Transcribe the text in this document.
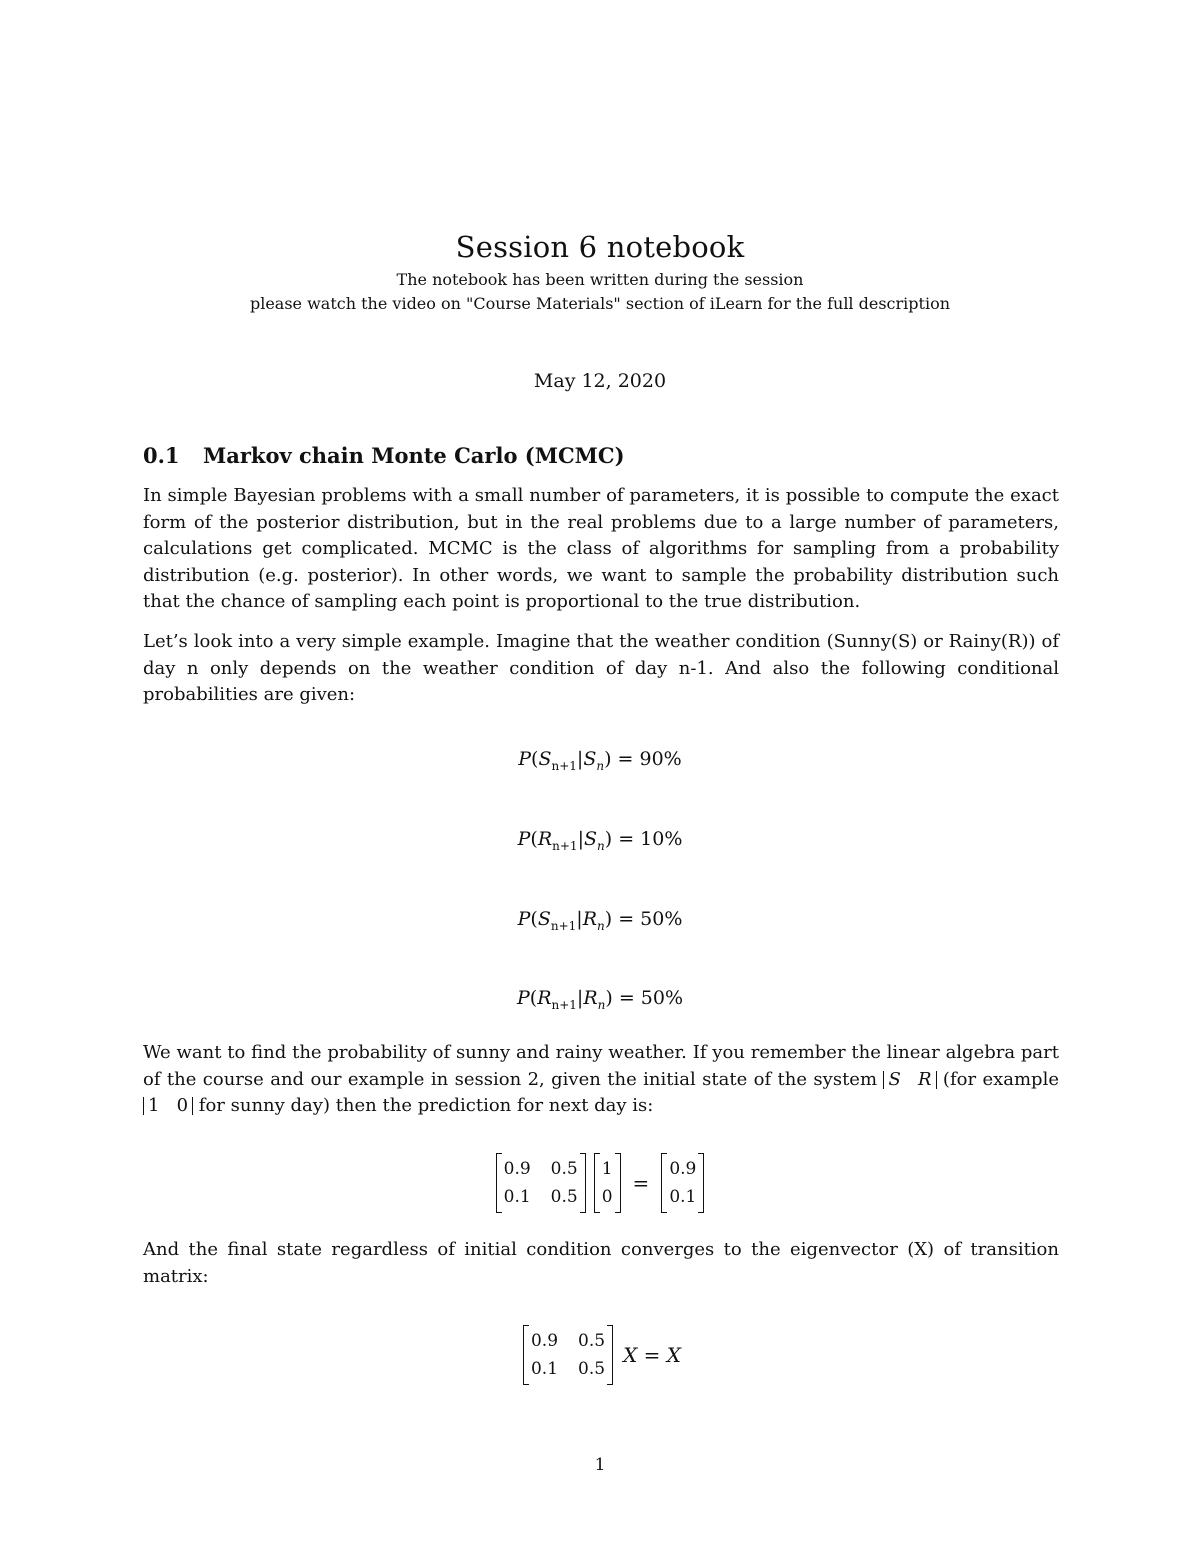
Session 6 notebook

The notebook has been written during the session

please watch the video on "Course Materials" section of iLearn for the full description

May 12, 2020
0.1 Markov chain Monte Carlo (MCMC)

In simple Bayesian problems with a small number of parameters, it is possible to compute the exact form of the posterior distribution, but in the real problems due to a large number of parameters, calculations get complicated. MCMC is the class of algorithms for sampling from a probability distribution (e.g. posterior). In other words, we want to sample the probability distribution such that the chance of sampling each point is proportional to the true distribution.

Let’s look into a very simple example. Imagine that the weather condition (Sunny(S) or Rainy(R)) of day n only depends on the weather condition of day n-1. And also the following conditional probabilities are given:

$P(S_{n+1}|S_n) = 90\%$
$P(R_{n+1}|S_n) = 10\%$
$P(S_{n+1}|R_n) = 50\%$
$P(R_{n+1}|R_n) = 50\%$

We want to find the probability of sunny and rainy weather. If you remember the linear algebra part of the course and our example in session 2, given the initial state of the system S R (for example 1 0 for sunny day) then the prediction for next day is:

0.9 0.5
0.1 0.5
1
0
=
0.9
0.1

And the final state regardless of initial condition converges to the eigenvector (X) of transition matrix:

0.9 0.5
0.1 0.5
X = X
1
